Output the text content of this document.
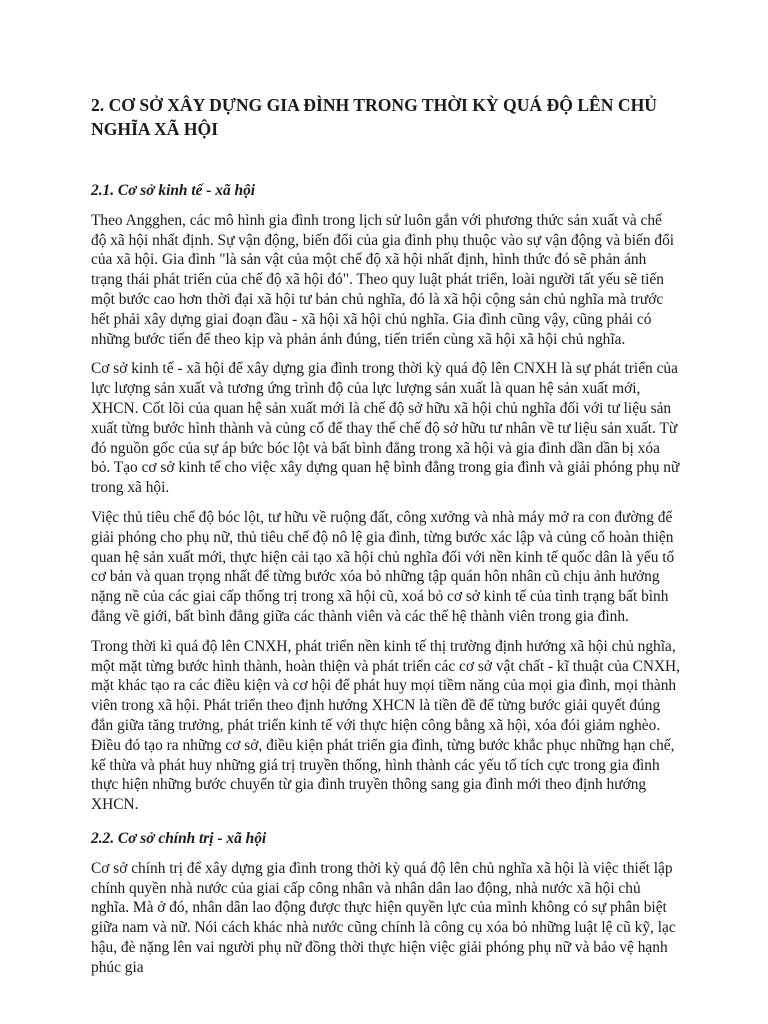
2. CƠ SỞ XÂY DỰNG GIA ĐÌNH TRONG THỜI KỲ QUÁ ĐỘ LÊN CHỦ NGHĨA XÃ HỘI

2.1. Cơ sở kinh tế - xã hội

Theo Angghen, các mô hình gia đình trong lịch sử luôn gắn với phương thức sản xuất và chế độ xã hội nhất định. Sự vận động, biến đổi của gia đình phụ thuộc vào sự vận động và biến đổi của xã hội. Gia đình "là sản vật của một chế độ xã hội nhất định, hình thức đó sẽ phản ánh trạng thái phát triển của chế độ xã hội đó". Theo quy luật phát triển, loài người tất yếu sẽ tiến một bước cao hơn thời đại xã hội tư bản chủ nghĩa, đó là xã hội cộng sản chủ nghĩa mà trước hết phải xây dựng giai đoạn đầu - xã hội xã hội chủ nghĩa. Gia đình cũng vậy, cũng phải có những bước tiến để theo kịp và phản ánh đúng, tiến triển cùng xã hội xã hội chủ nghĩa.

Cơ sở kinh tế - xã hội để xây dựng gia đình trong thời kỳ quá độ lên CNXH là sự phát triển của lực lượng sản xuất và tương ứng trình độ của lực lượng sản xuất là quan hệ sản xuất mới, XHCN. Cốt lõi của quan hệ sản xuất mới là chế độ sở hữu xã hội chủ nghĩa đối với tư liệu sản xuất từng bước hình thành và củng cố để thay thế chế độ sở hữu tư nhân về tư liệu sản xuất. Từ đó nguồn gốc của sự áp bức bóc lột và bất bình đẳng trong xã hội và gia đình dần dần bị xóa bỏ. Tạo cơ sở kinh tế cho việc xây dựng quan hệ bình đẳng trong gia đình và giải phóng phụ nữ trong xã hội.

Việc thủ tiêu chế độ bóc lột, tư hữu về ruộng đất, công xưởng và nhà máy mở ra con đường để giải phóng cho phụ nữ, thủ tiêu chế độ nô lệ gia đình, từng bước xác lập và củng cố hoàn thiện quan hệ sản xuất mới, thực hiện cải tạo xã hội chủ nghĩa đối với nền kinh tế quốc dân là yếu tố cơ bản và quan trọng nhất để từng bước xóa bỏ những tập quán hôn nhân cũ chịu ảnh hưởng nặng nề của các giai cấp thống trị trong xã hội cũ, xoá bỏ cơ sở kinh tế của tình trạng bất bình đẳng về giới, bất bình đẳng giữa các thành viên và các thế hệ thành viên trong gia đình.

Trong thời kì quá độ lên CNXH, phát triển nền kinh tế thị trường định hướng xã hội chủ nghĩa, một mặt từng bước hình thành, hoàn thiện và phát triển các cơ sở vật chất - kĩ thuật của CNXH, mặt khác tạo ra các điều kiện và cơ hội để phát huy mọi tiềm năng của mọi gia đình, mọi thành viên trong xã hội. Phát triển theo định hướng XHCN là tiền đề để từng bước giải quyết đúng đắn giữa tăng trưởng, phát triển kinh tế với thực hiện công bằng xã hội, xóa đói giảm nghèo. Điều đó tạo ra những cơ sở, điều kiện phát triển gia đình, từng bước khắc phục những hạn chế, kế thừa và phát huy những giá trị truyền thống, hình thành các yếu tố tích cực trong gia đình thực hiện những bước chuyển từ gia đình truyền thông sang gia đình mới theo định hướng XHCN.

2.2. Cơ sở chính trị - xã hội

Cơ sở chính trị để xây dựng gia đình trong thời kỳ quá độ lên chủ nghĩa xã hội là việc thiết lập chính quyền nhà nước của giai cấp công nhân và nhân dân lao động, nhà nước xã hội chủ nghĩa. Mà ở đó, nhân dân lao động được thực hiện quyền lực của mình không có sự phân biệt giữa nam và nữ. Nói cách khác nhà nước cũng chính là công cụ xóa bỏ những luật lệ cũ kỹ, lạc hậu, đè nặng lên vai người phụ nữ đồng thời thực hiện việc giải phóng phụ nữ và bảo vệ hạnh phúc gia
